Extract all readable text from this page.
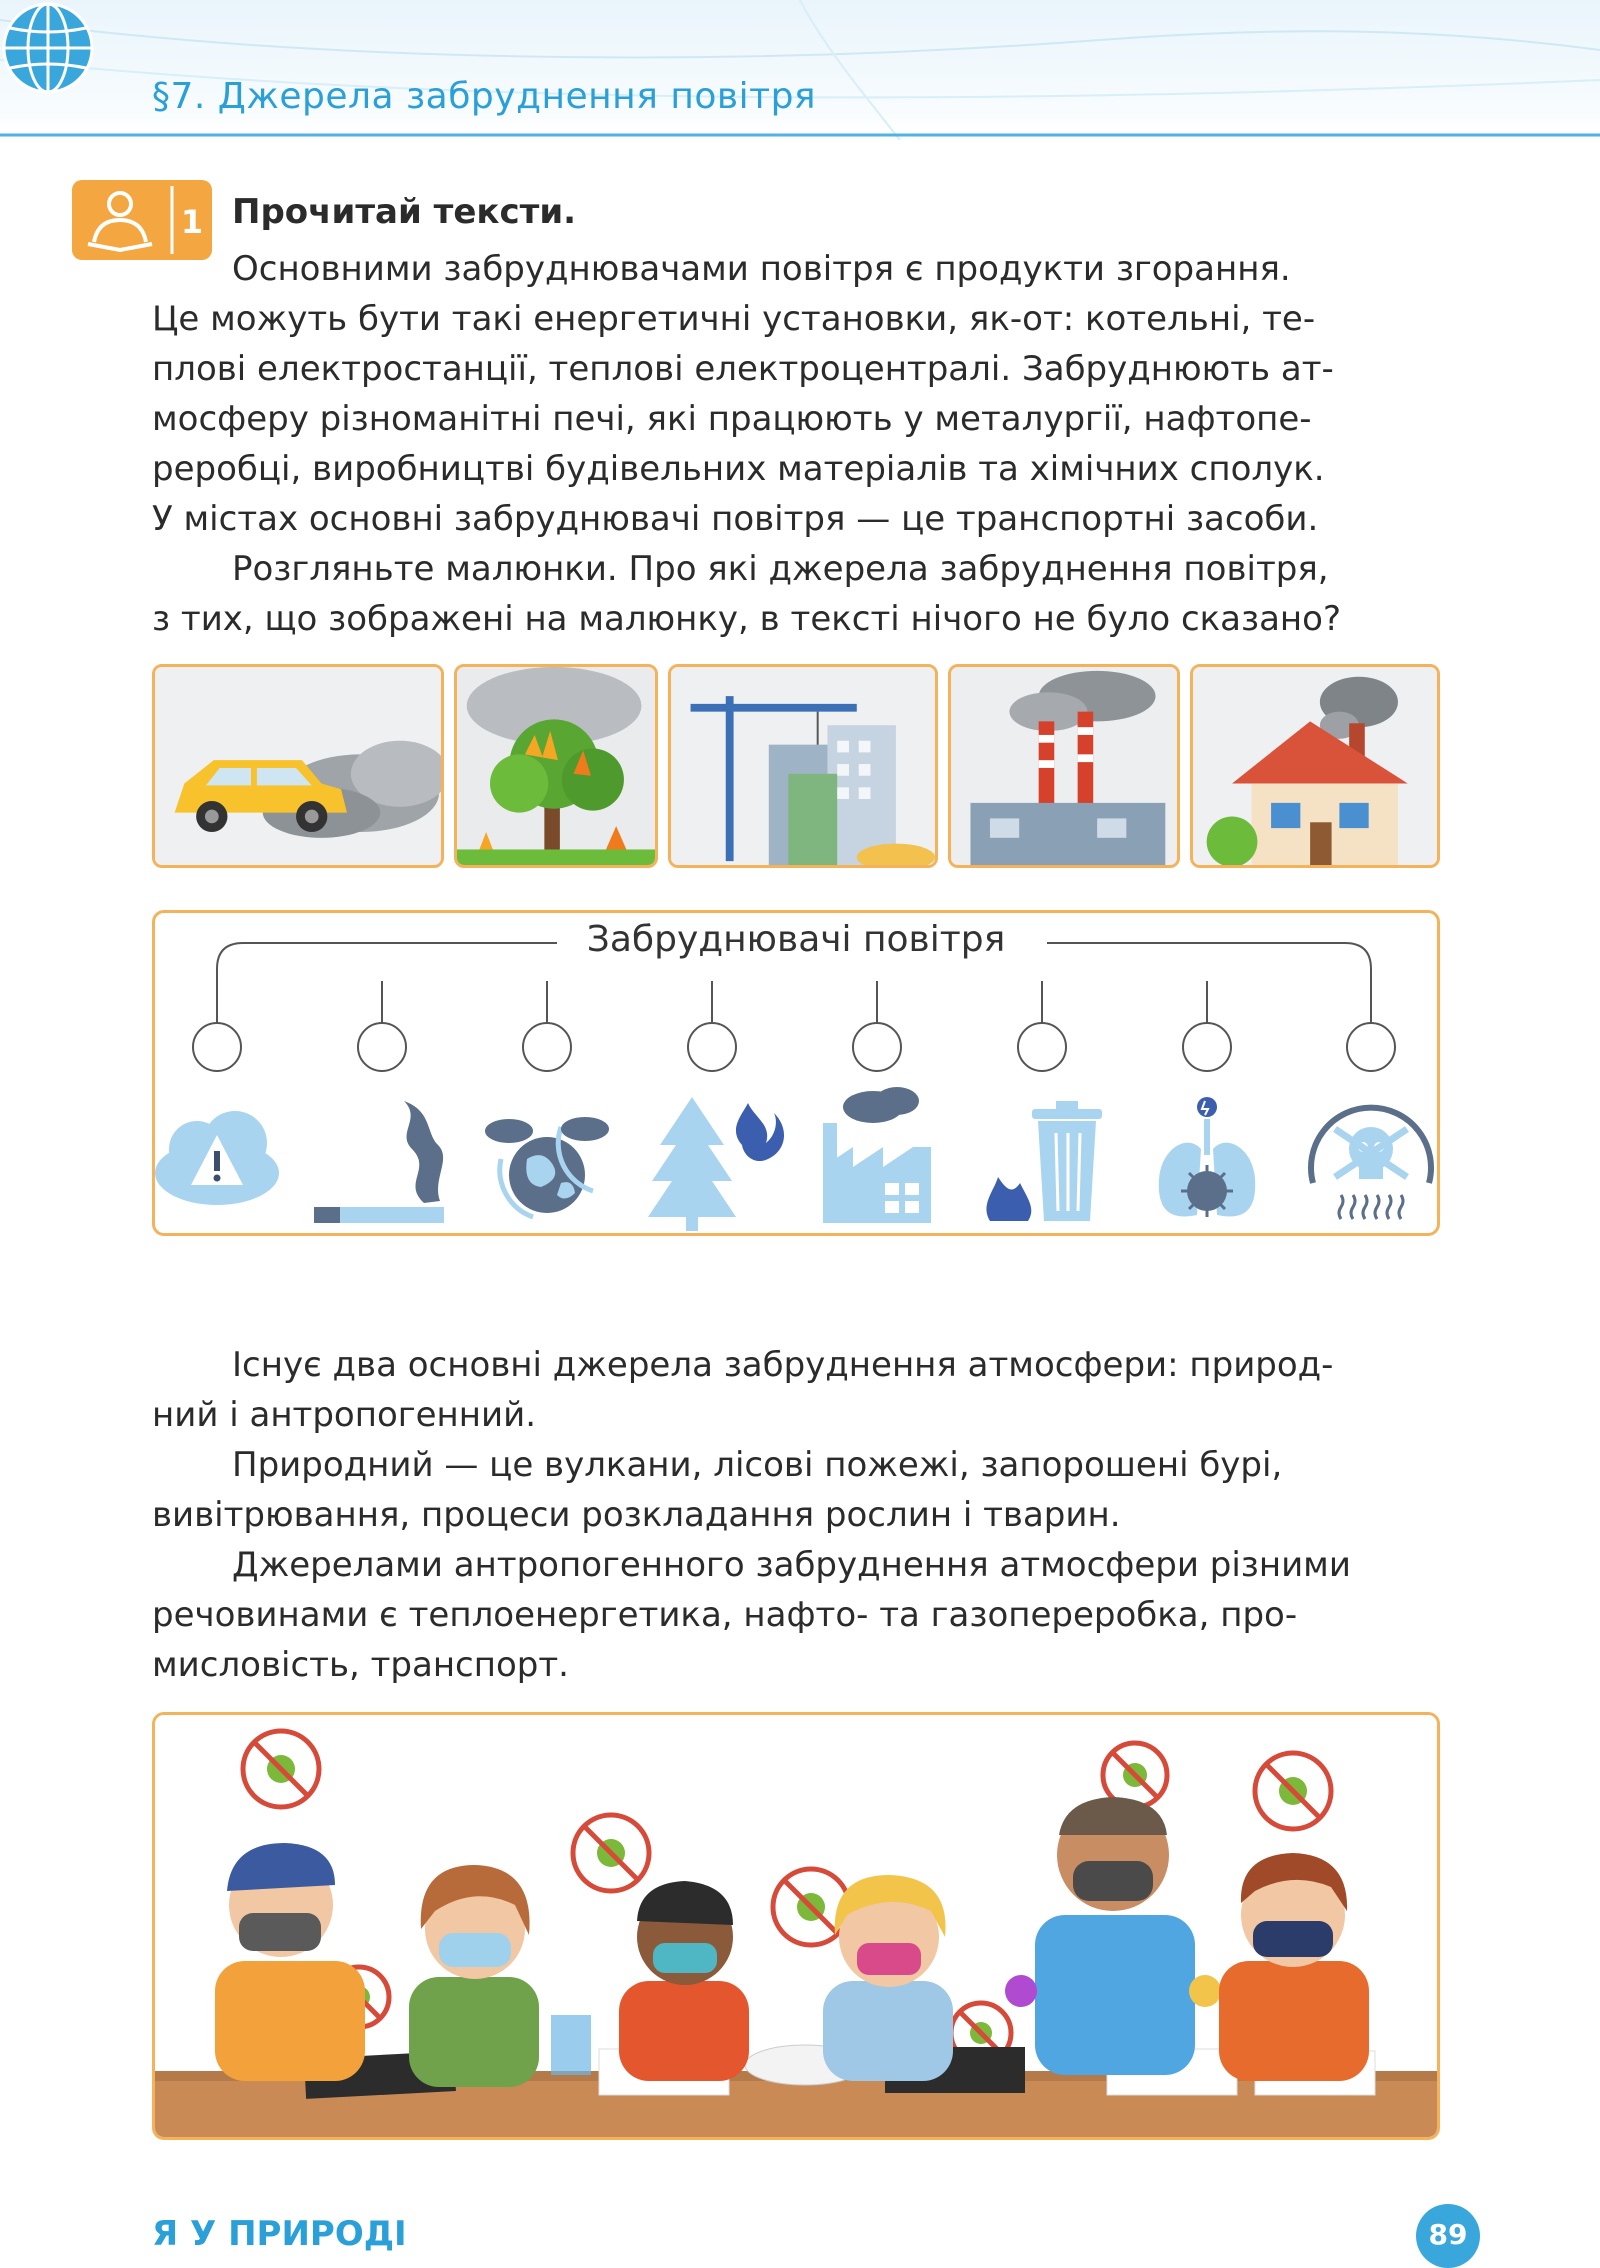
§7. Джерела забруднення повітря
1 Прочитай тексти.
Основними забруднювачами повітря є продукти згорання.
Це можуть бути такі енергетичні установки, як-от: котельні, те-
плові електростанції, теплові електроцентралі. Забруднюють ат-
мосферу різноманітні печі, які працюють у металургії, нафтопе-
реробці, виробництві будівельних матеріалів та хімічних сполук.
У містах основні забруднювачі повітря — це транспортні засоби.
Розгляньте малюнки. Про які джерела забруднення повітря,
з тих, що зображені на малюнку, в тексті нічого не було сказано?
Забруднювачі повітря
Існує два основні джерела забруднення атмосфери: природ-
ний і антропогенний.
Природний — це вулкани, лісові пожежі, запорошені бурі,
вивітрювання, процеси розкладання рослин і тварин.
Джерелами антропогенного забруднення атмосфери різними
речовинами є теплоенергетика, нафто- та газопереробка, про-
мисловість, транспорт.
Я У ПРИРОДІ	89
